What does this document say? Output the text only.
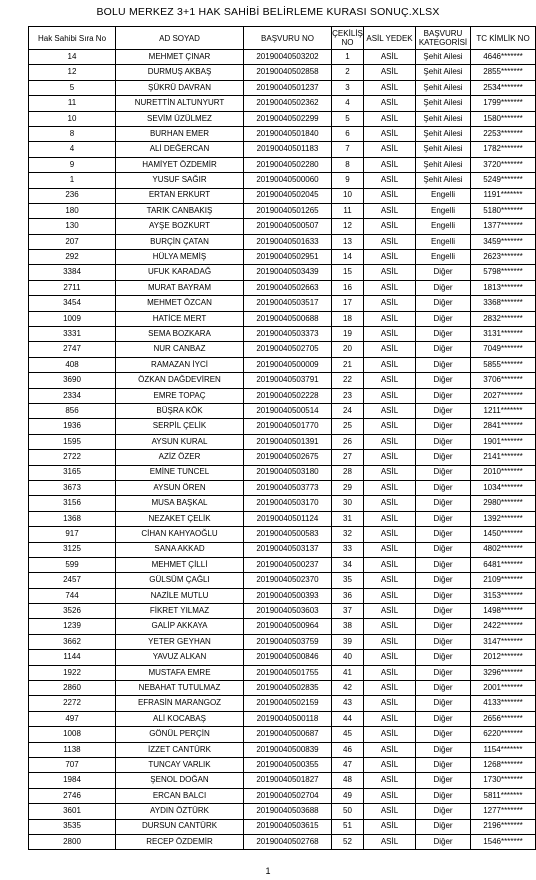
BOLU MERKEZ 3+1 HAK SAHİBİ BELİRLEME KURASI SONUÇ.XLSX
Hak Sahibi Sıra No	AD SOYAD	BAŞVURU NO	ÇEKİLİŞ NO	ASİL YEDEK	BAŞVURU KATEGORİSİ	TC KİMLİK NO
14	MEHMET ÇINAR	20190040503202	1	ASİL	Şehit Ailesi	4646*******
12	DURMUŞ AKBAŞ	20190040502858	2	ASİL	Şehit Ailesi	2855*******
5	ŞÜKRÜ DAVRAN	20190040501237	3	ASİL	Şehit Ailesi	2534*******
11	NURETTİN ALTUNYURT	20190040502362	4	ASİL	Şehit Ailesi	1799*******
10	SEVİM ÜZÜLMEZ	20190040502299	5	ASİL	Şehit Ailesi	1580*******
8	BURHAN EMER	20190040501840	6	ASİL	Şehit Ailesi	2253*******
4	ALİ DEĞERCAN	20190040501183	7	ASİL	Şehit Ailesi	1782*******
9	HAMİYET ÖZDEMİR	20190040502280	8	ASİL	Şehit Ailesi	3720*******
1	YUSUF SAĞIR	20190040500060	9	ASİL	Şehit Ailesi	5249*******
236	ERTAN ERKURT	20190040502045	10	ASİL	Engelli	1191*******
180	TARIK CANBAKIŞ	20190040501265	11	ASİL	Engelli	5180*******
130	AYŞE BOZKURT	20190040500507	12	ASİL	Engelli	1377*******
207	BURÇİN ÇATAN	20190040501633	13	ASİL	Engelli	3459*******
292	HÜLYA MEMİŞ	20190040502951	14	ASİL	Engelli	2623*******
3384	UFUK KARADAĞ	20190040503439	15	ASİL	Diğer	5798*******
2711	MURAT BAYRAM	20190040502663	16	ASİL	Diğer	1813*******
3454	MEHMET ÖZCAN	20190040503517	17	ASİL	Diğer	3368*******
1009	HATİCE MERT	20190040500688	18	ASİL	Diğer	2832*******
3331	SEMA BOZKARA	20190040503373	19	ASİL	Diğer	3131*******
2747	NUR CANBAZ	20190040502705	20	ASİL	Diğer	7049*******
408	RAMAZAN İYCİ	20190040500009	21	ASİL	Diğer	5855*******
3690	ÖZKAN DAĞDEVİREN	20190040503791	22	ASİL	Diğer	3706*******
2334	EMRE TOPAÇ	20190040502228	23	ASİL	Diğer	2027*******
856	BÜŞRA KÖK	20190040500514	24	ASİL	Diğer	1211*******
1936	SERPİL ÇELİK	20190040501770	25	ASİL	Diğer	2841*******
1595	AYSUN KURAL	20190040501391	26	ASİL	Diğer	1901*******
2722	AZİZ ÖZER	20190040502675	27	ASİL	Diğer	2141*******
3165	EMİNE TUNCEL	20190040503180	28	ASİL	Diğer	2010*******
3673	AYSUN ÖREN	20190040503773	29	ASİL	Diğer	1034*******
3156	MUSA BAŞKAL	20190040503170	30	ASİL	Diğer	2980*******
1368	NEZAKET ÇELİK	20190040501124	31	ASİL	Diğer	1392*******
917	CİHAN KAHYAOĞLU	20190040500583	32	ASİL	Diğer	1450*******
3125	SANA AKKAD	20190040503137	33	ASİL	Diğer	4802*******
599	MEHMET ÇİLLİ	20190040500237	34	ASİL	Diğer	6481*******
2457	GÜLSÜM ÇAĞLI	20190040502370	35	ASİL	Diğer	2109*******
744	NAZİLE MUTLU	20190040500393	36	ASİL	Diğer	3153*******
3526	FİKRET YILMAZ	20190040503603	37	ASİL	Diğer	1498*******
1239	GALİP AKKAYA	20190040500964	38	ASİL	Diğer	2422*******
3662	YETER GEYHAN	20190040503759	39	ASİL	Diğer	3147*******
1144	YAVUZ ALKAN	20190040500846	40	ASİL	Diğer	2012*******
1922	MUSTAFA EMRE	20190040501755	41	ASİL	Diğer	3296*******
2860	NEBAHAT TUTULMAZ	20190040502835	42	ASİL	Diğer	2001*******
2272	EFRASİN MARANGOZ	20190040502159	43	ASİL	Diğer	4133*******
497	ALİ KOCABAŞ	20190040500118	44	ASİL	Diğer	2656*******
1008	GÖNÜL PERÇİN	20190040500687	45	ASİL	Diğer	6220*******
1138	İZZET CANTÜRK	20190040500839	46	ASİL	Diğer	1154*******
707	TUNCAY VARLIK	20190040500355	47	ASİL	Diğer	1268*******
1984	ŞENOL DOĞAN	20190040501827	48	ASİL	Diğer	1730*******
2746	ERCAN BALCI	20190040502704	49	ASİL	Diğer	5811*******
3601	AYDIN ÖZTÜRK	20190040503688	50	ASİL	Diğer	1277*******
3535	DURSUN CANTÜRK	20190040503615	51	ASİL	Diğer	2196*******
2800	RECEP ÖZDEMİR	20190040502768	52	ASİL	Diğer	1546*******
1
